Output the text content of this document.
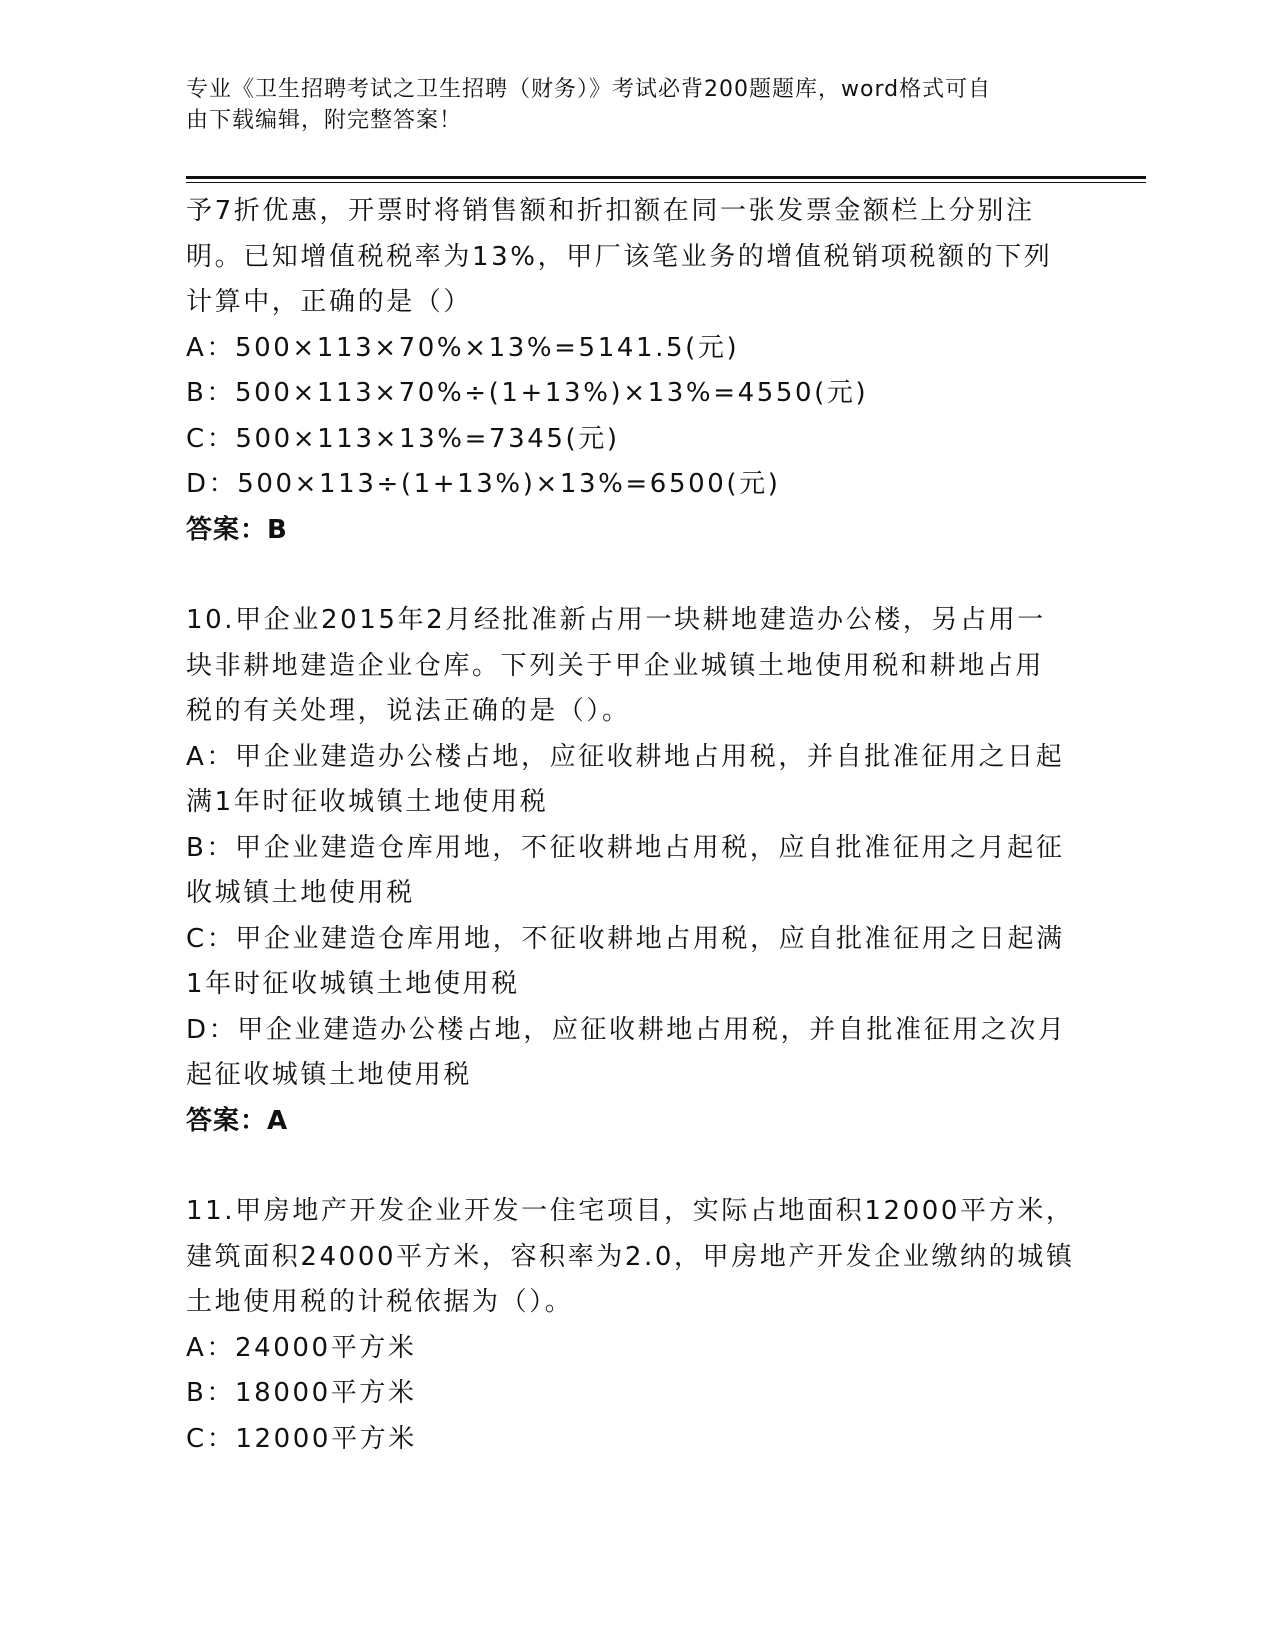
专业《卫生招聘考试之卫生招聘（财务）》考试必背200题题库，word格式可自
由下载编辑，附完整答案！
予7折优惠，开票时将销售额和折扣额在同一张发票金额栏上分别注
明。已知增值税税率为13%，甲厂该笔业务的增值税销项税额的下列
计算中，正确的是（）
A：500×113×70%×13%=5141.5(元)
B：500×113×70%÷(1+13%)×13%=4550(元)
C：500×113×13%=7345(元)
D：500×113÷(1+13%)×13%=6500(元)
答案：B
10.甲企业2015年2月经批准新占用一块耕地建造办公楼，另占用一
块非耕地建造企业仓库。下列关于甲企业城镇土地使用税和耕地占用
税的有关处理，说法正确的是（）。
A：甲企业建造办公楼占地，应征收耕地占用税，并自批准征用之日起
满1年时征收城镇土地使用税
B：甲企业建造仓库用地，不征收耕地占用税，应自批准征用之月起征
收城镇土地使用税
C：甲企业建造仓库用地，不征收耕地占用税，应自批准征用之日起满
1年时征收城镇土地使用税
D：甲企业建造办公楼占地，应征收耕地占用税，并自批准征用之次月
起征收城镇土地使用税
答案：A
11.甲房地产开发企业开发一住宅项目，实际占地面积12000平方米，
建筑面积24000平方米，容积率为2.0，甲房地产开发企业缴纳的城镇
土地使用税的计税依据为（）。
A：24000平方米
B：18000平方米
C：12000平方米
